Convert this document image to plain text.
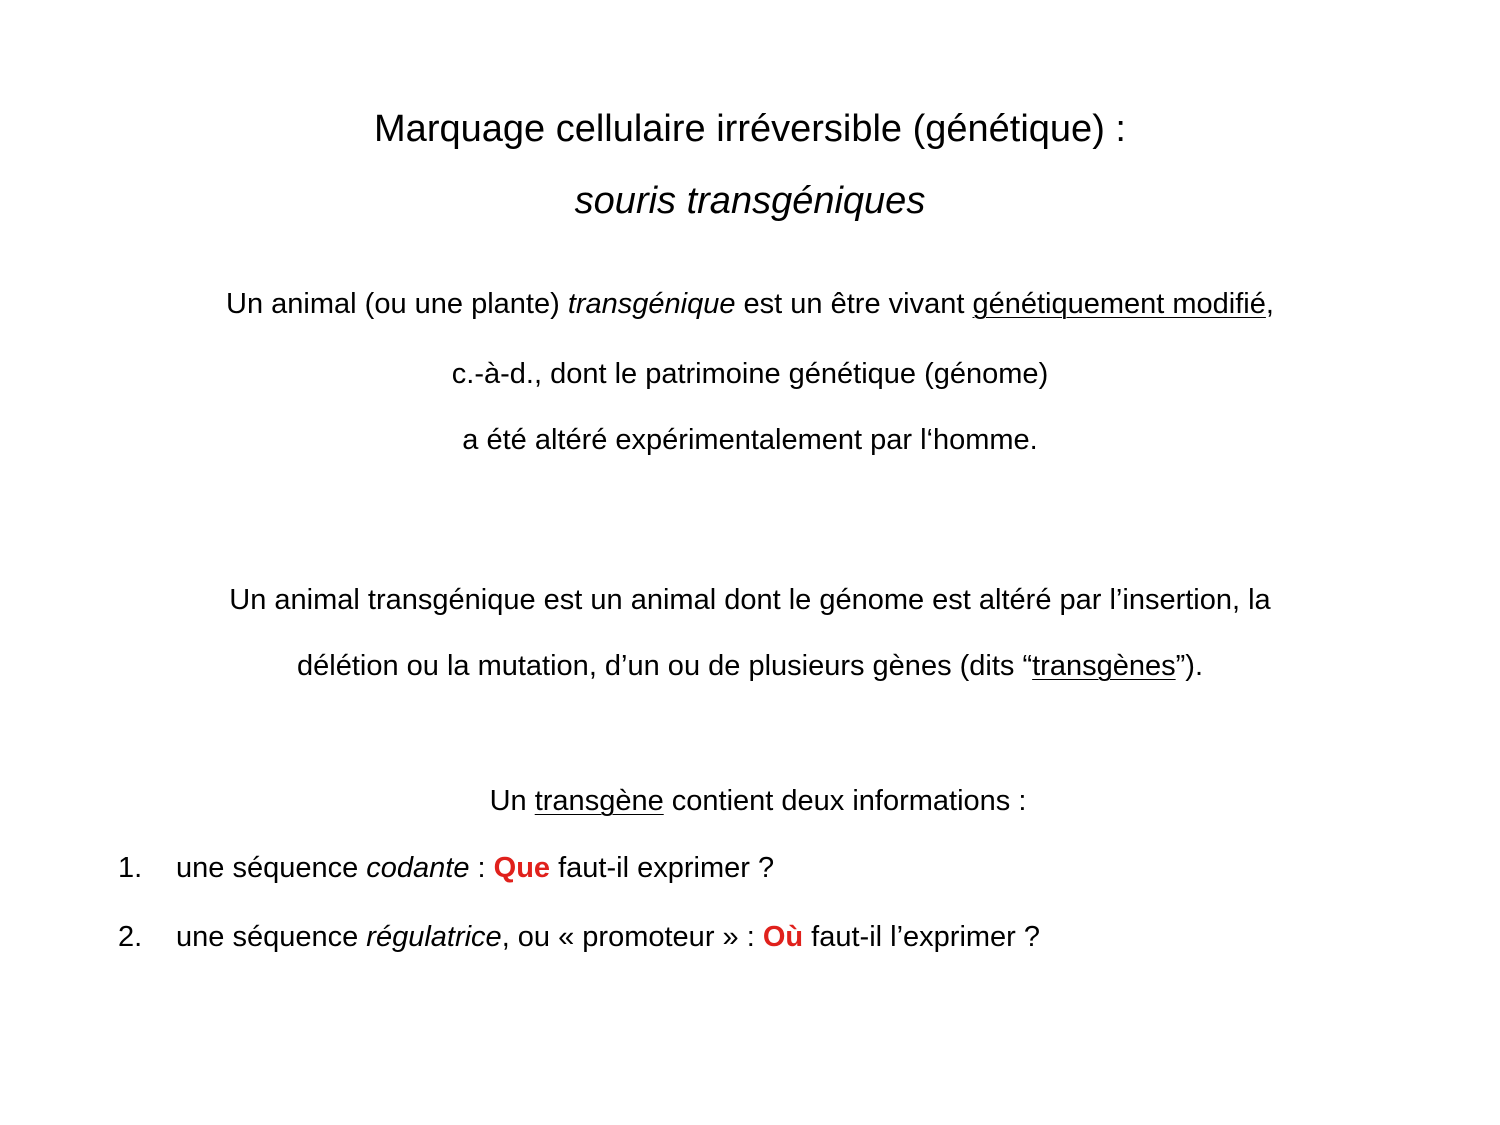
Marquage cellulaire irréversible (génétique) :
souris transgéniques
Un animal (ou une plante) transgénique est un être vivant génétiquement modifié,
c.-à-d., dont le patrimoine génétique (génome)
a été altéré expérimentalement par l‘homme.
Un animal transgénique est un animal dont le génome est altéré par l’insertion, la
délétion ou la mutation, d’un ou de plusieurs gènes (dits “transgènes”).
Un transgène contient deux informations :
1. une séquence codante : Que faut-il exprimer ?
2. une séquence régulatrice, ou « promoteur » : Où faut-il l’exprimer ?
